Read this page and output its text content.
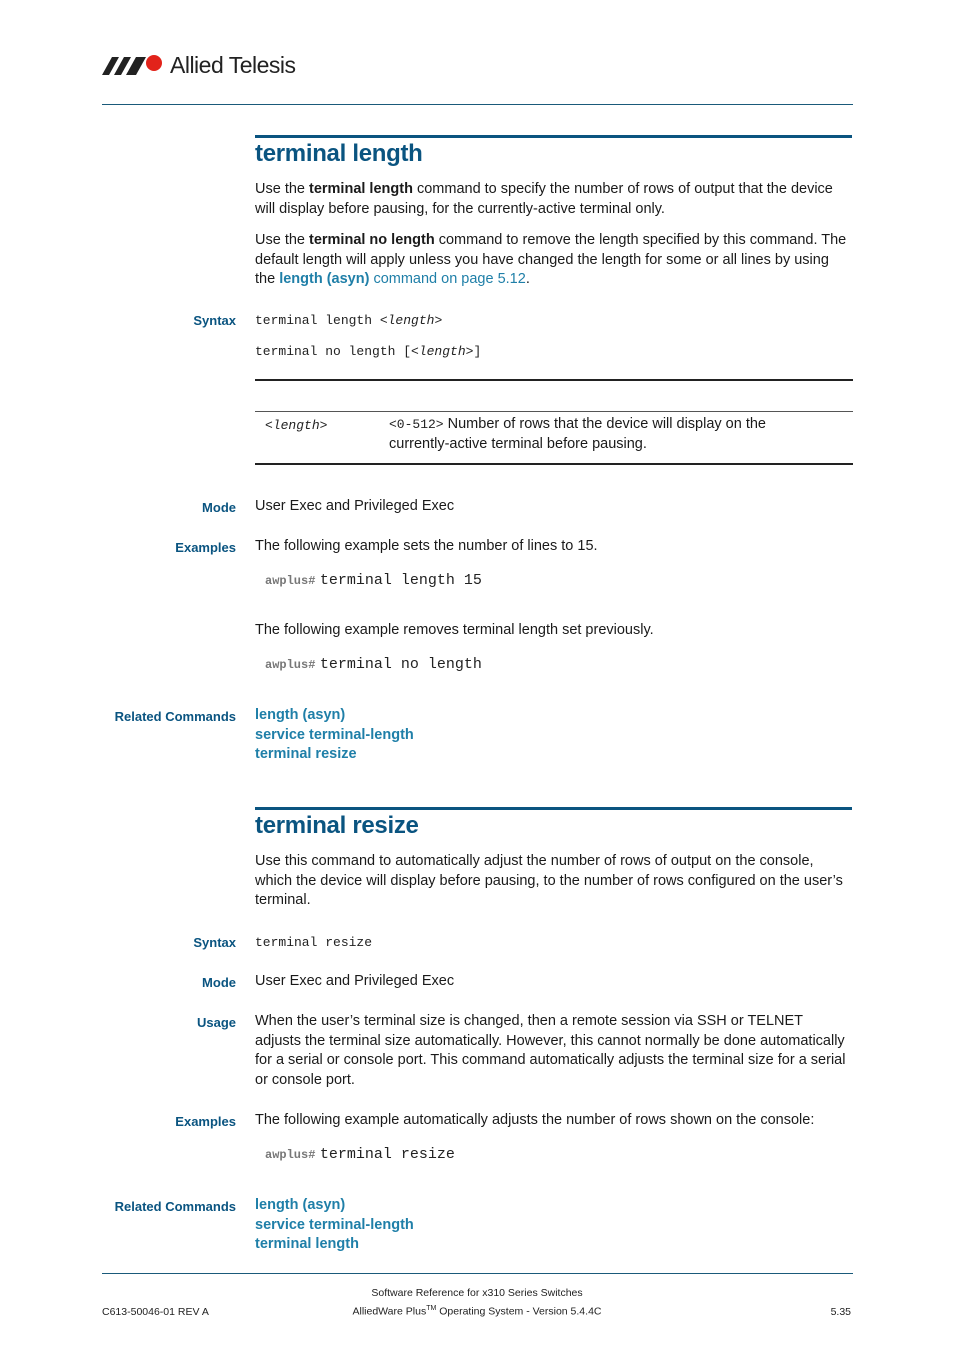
Allied Telesis
terminal length
Use the terminal length command to specify the number of rows of output that the device will display before pausing, for the currently-active terminal only.
Use the terminal no length command to remove the length specified by this command. The default length will apply unless you have changed the length for some or all lines by using the length (asyn) command on page 5.12.
Syntax terminal length <length>
terminal no length [<length>]
<length>	<0-512> Number of rows that the device will display on the currently-active terminal before pausing.
Mode User Exec and Privileged Exec
Examples The following example sets the number of lines to 15.
awplus# terminal length 15
The following example removes terminal length set previously.
awplus# terminal no length
Related Commands length (asyn)
service terminal-length
terminal resize
terminal resize
Use this command to automatically adjust the number of rows of output on the console, which the device will display before pausing, to the number of rows configured on the user’s terminal.
Syntax terminal resize
Mode User Exec and Privileged Exec
Usage When the user’s terminal size is changed, then a remote session via SSH or TELNET adjusts the terminal size automatically. However, this cannot normally be done automatically for a serial or console port. This command automatically adjusts the terminal size for a serial or console port.
Examples The following example automatically adjusts the number of rows shown on the console:
awplus# terminal resize
Related Commands length (asyn)
service terminal-length
terminal length
Software Reference for x310 Series Switches
AlliedWare Plus™ Operating System - Version 5.4.4C
C613-50046-01 REV A	5.35
